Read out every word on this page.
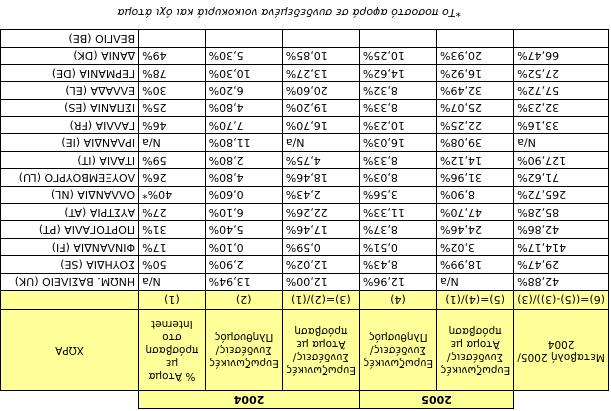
	2005		2004			
Μεταβολή 2005/ 2004	Ευρωζωνικές Συνδέσεις/ Άτομα με πρόσβαση	Ευρωζωνικές Συνδέσεις/ Πληθυσμός	Ευρωζωνικές Συνδέσεις/ Άτομα με πρόσβαση	Ευρωζωνικές Συνδέσεις/ Πληθυσμός	% Άτομα με πρόσβαση στο Internet	ΧΩΡΑ
(6)=((5)-(3))/(3)	(5)=(4)/(1)	(4)	(3)=(2)/(1)	(2)	(1)	
42,88%	N/a	12,96%	12,00%	13,94%	N/a	ΗΝΩΜ. ΒΑΣΙΛΕΙΟ (UK)
29,47%	18,99%	8,43%	12,02%	2,90%	50%	ΣΟΥΗΔΙΑ (SE)
414,17%	3,02%	0,51%	0,59%	0,10%	17%	ΦΙΝΛΑΝΔΙΑ (FI)
42,86%	24,46%	8,37%	17,46%	5,40%	31%	ΠΟΡΤΟΓΑΛΙΑ (PT)
85,28%	47,70%	11,33%	22,26%	6,10%	27%	ΑΥΣΤΡΙΑ (AT)
265,72%	8,90%	3,56%	2,43%	0,60%	40%*	ΟΛΛΑΝΔΙΑ (NL)
71,62%	31,96%	8,03%	18,46%	4,80%	26%	ΛΟΥΞΕΜΒΟΥΡΓΟ (LU)
127,90%	14,12%	8,33%	4,75%	2,80%	59%	ΙΤΑΛΙΑ (IT)
N/a	39,08%	16,03%	N/a	11,80%	N/a	ΙΡΛΑΝΔΙΑ (IE)
33,16%	22,25%	10,23%	16,70%	7,70%	46%	ΓΑΛΛΙΑ (FR)
32,23%	25,07%	8,33%	19,20%	4,80%	25%	ΙΣΠΑΝΙΑ (ES)
57,72%	32,49%	8,32%	20,60%	6,20%	30%	ΕΛΛΑΔΑ (EL)
27,52%	16,92%	14,62%	13,27%	10,30%	78%	ΓΕΡΜΑΝΙΑ (DE)
66,47%	20,93%	10,25%	10,85%	5,30%	49%	ΔΑΝΙΑ (DK)
						ΒΕΛΓΙΟ (BE)
*Το ποσοστό αφορά σε συνδεδεμένα νοικοκυριά και όχι άτομα
